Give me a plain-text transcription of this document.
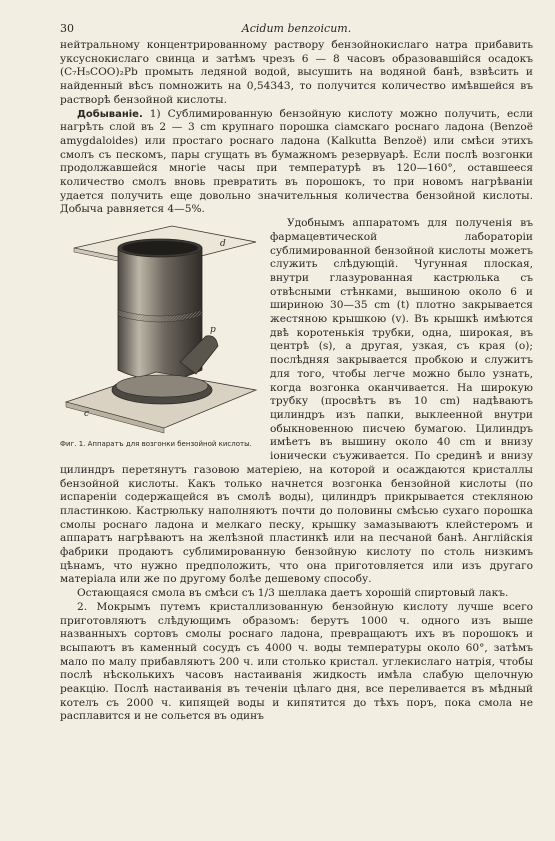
30	Acidum benzoicum.

нейтральному концентрированному раствору бензойнокислаго натра прибавить уксуснокислаго свинца и затѣмъ чрезъ 6 — 8 часовъ образовавшійся осадокъ (C₇H₅COO)₂Pb промыть ледяной водой, высушить на водяной банѣ, взвѣсить и найденный вѣсъ помножить на 0,54343, то получится количество имѣвшейся въ растворѣ бензойной кислоты.

Добываніе. 1) Сублимированную бензойную кислоту можно получить, если нагрѣть слой въ 2 — 3 cm крупнаго порошка сіамскаго роснаго ладона (Benzoë amygdaloides) или простаго роснаго ладона (Kalkutta Benzoë) или смѣси этихъ смолъ съ пескомъ, пары сгущать въ бумажномъ резервуарѣ. Если послѣ возгонки продолжавшейся многіе часы при температурѣ въ 120—160°, оставшееся количество смолъ вновь превратить въ порошокъ, то при новомъ нагрѣваніи удается получить еще довольно значительныя количества бензойной кислоты. Добыча равняется 4—5%.

d
p
c
Фиг. 1. Аппаратъ для возгонки бензойной кислоты.
Удобнымъ аппаратомъ для полученія въ фармацевтической лабораторіи сублимированной бензойной кислоты можетъ служить слѣдующій. Чугунная плоская, внутри глазурованная кастрюлька съ отвѣсными стѣнками, вышиною около 6 и шириною 30—35 cm (t) плотно закрывается жестяною крышкою (v). Въ крышкѣ имѣются двѣ коротенькія трубки, одна, широкая, въ центрѣ (s), а другая, узкая, съ края (o); послѣдняя закрывается пробкою и служитъ для того, чтобы легче можно было узнать, когда возгонка оканчивается. На широкую трубку (просвѣтъ въ 10 cm) надѣваютъ цилиндръ изъ папки, выклеенной внутри обыкновенною писчею бумагою. Цилиндръ имѣетъ въ вышину около 40 cm и внизу іонически съуживается. По срединѣ и внизу цилиндръ перетянутъ газовою матеріею, на которой и осаждаются кристаллы бензойной кислоты. Какъ только начнется возгонка бензойной кислоты (по испареніи содержащейся въ смолѣ воды), цилиндръ прикрывается стекляною пластинкою. Кастрюльку наполняютъ почти до половины смѣсью сухаго порошка смолы роснаго ладона и мелкаго песку, крышку замазываютъ клейстеромъ и аппаратъ нагрѣваютъ на желѣзной пластинкѣ или на песчаной банѣ. Англійскія фабрики продаютъ сублимированную бензойную кислоту по столь низкимъ цѣнамъ, что нужно предположить, что она приготовляется или изъ другаго матеріала или же по другому болѣе дешевому способу.

Остающаяся смола въ смѣси съ 1/3 шеллака даетъ хорошій спиртовый лакъ.

2. Мокрымъ путемъ кристаллизованную бензойную кислоту лучше всего приготовляютъ слѣдующимъ образомъ: берутъ 1000 ч. одного изъ выше названныхъ сортовъ смолы роснаго ладона, превращаютъ ихъ въ порошокъ и всыпаютъ въ каменный сосудъ съ 4000 ч. воды температуры около 60°, затѣмъ мало по малу прибавляютъ 200 ч. или столько кристал. углекислаго натрія, чтобы послѣ нѣсколькихъ часовъ настаиванія жидкость имѣла слабую щелочную реакцію. Послѣ настаиванія въ теченіи цѣлаго дня, все переливается въ мѣдный котелъ съ 2000 ч. кипящей воды и кипятится до тѣхъ поръ, пока смола не расплавится и не сольется въ одинъ
